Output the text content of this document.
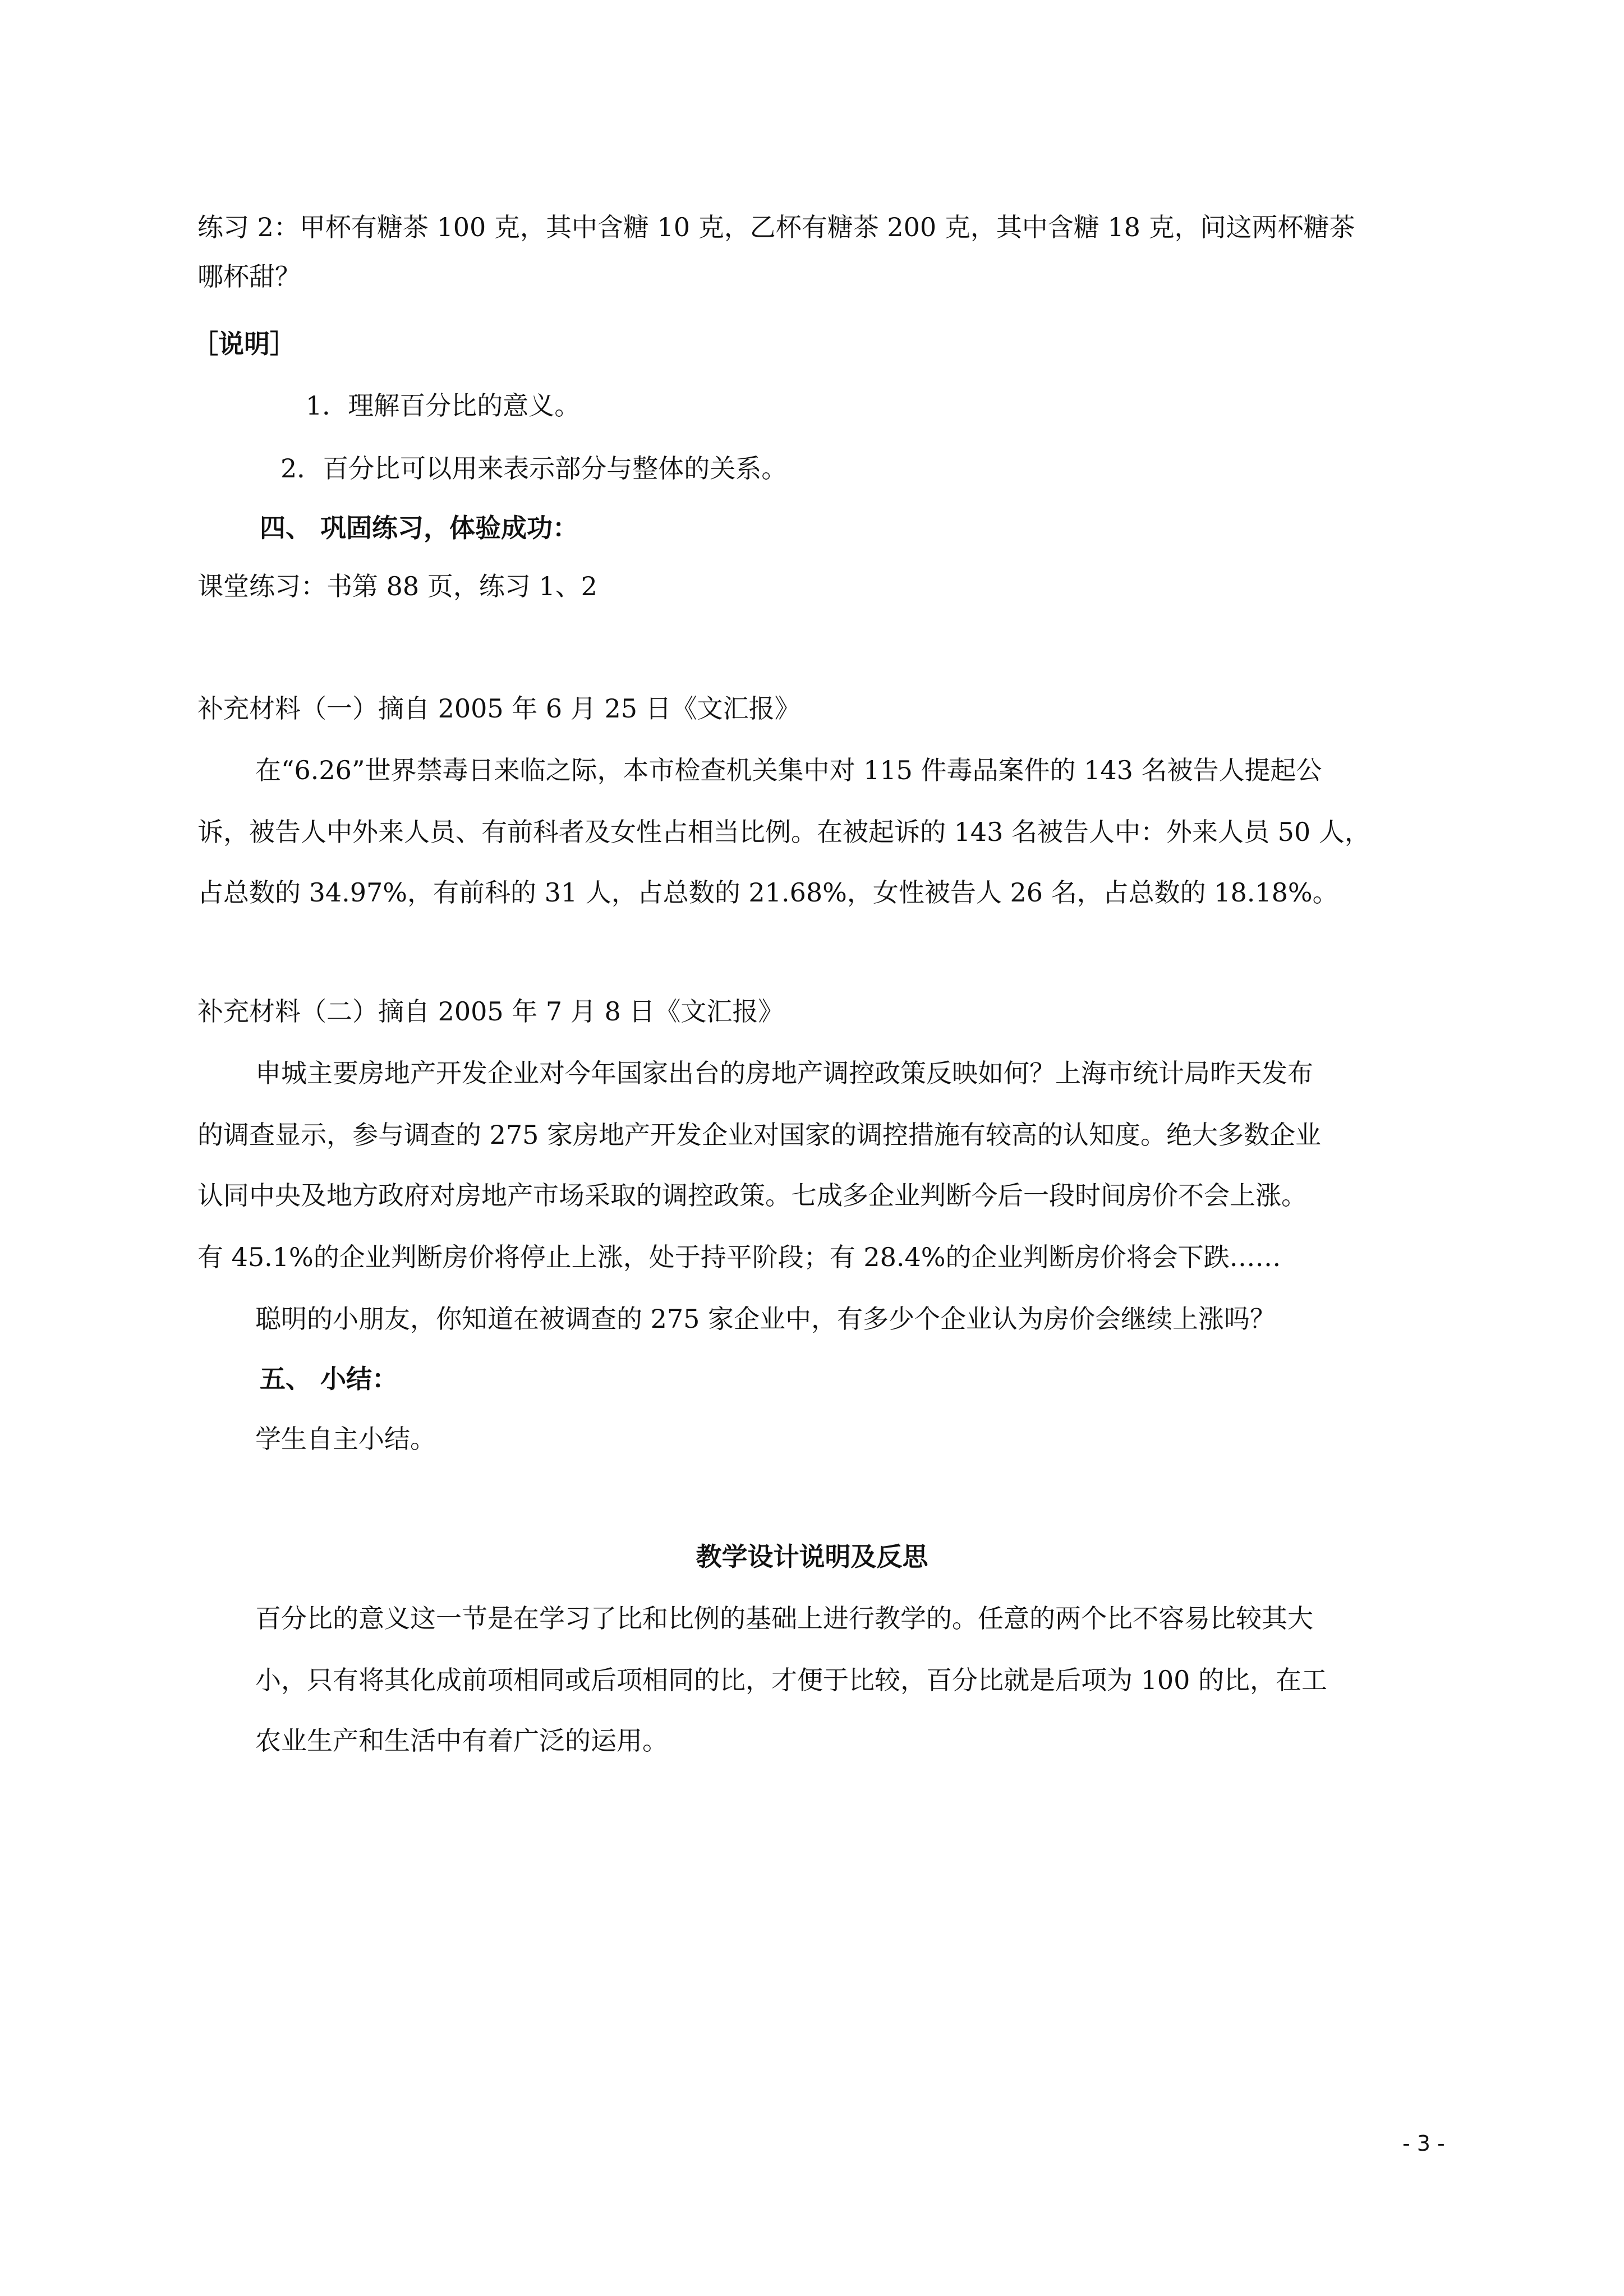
练习 2：甲杯有糖茶 100 克，其中含糖 10 克，乙杯有糖茶 200 克，其中含糖 18 克，问这两杯糖茶
哪杯甜？
［说明］
1．理解百分比的意义。
2．百分比可以用来表示部分与整体的关系。
四、 巩固练习，体验成功：
课堂练习：书第 88 页，练习 1、2
补充材料（一）摘自 2005 年 6 月 25 日《文汇报》
在“6.26”世界禁毒日来临之际，本市检查机关集中对 115 件毒品案件的 143 名被告人提起公
诉，被告人中外来人员、有前科者及女性占相当比例。在被起诉的 143 名被告人中：外来人员 50 人，
占总数的 34.97%，有前科的 31 人，占总数的 21.68%，女性被告人 26 名，占总数的 18.18%。
补充材料（二）摘自 2005 年 7 月 8 日《文汇报》
申城主要房地产开发企业对今年国家出台的房地产调控政策反映如何？上海市统计局昨天发布
的调查显示，参与调查的 275 家房地产开发企业对国家的调控措施有较高的认知度。绝大多数企业
认同中央及地方政府对房地产市场采取的调控政策。七成多企业判断今后一段时间房价不会上涨。
有 45.1%的企业判断房价将停止上涨，处于持平阶段；有 28.4%的企业判断房价将会下跌……
聪明的小朋友，你知道在被调查的 275 家企业中，有多少个企业认为房价会继续上涨吗？
五、 小结：
学生自主小结。
教学设计说明及反思
百分比的意义这一节是在学习了比和比例的基础上进行教学的。任意的两个比不容易比较其大
小，只有将其化成前项相同或后项相同的比，才便于比较，百分比就是后项为 100 的比，在工
农业生产和生活中有着广泛的运用。
- 3 -
